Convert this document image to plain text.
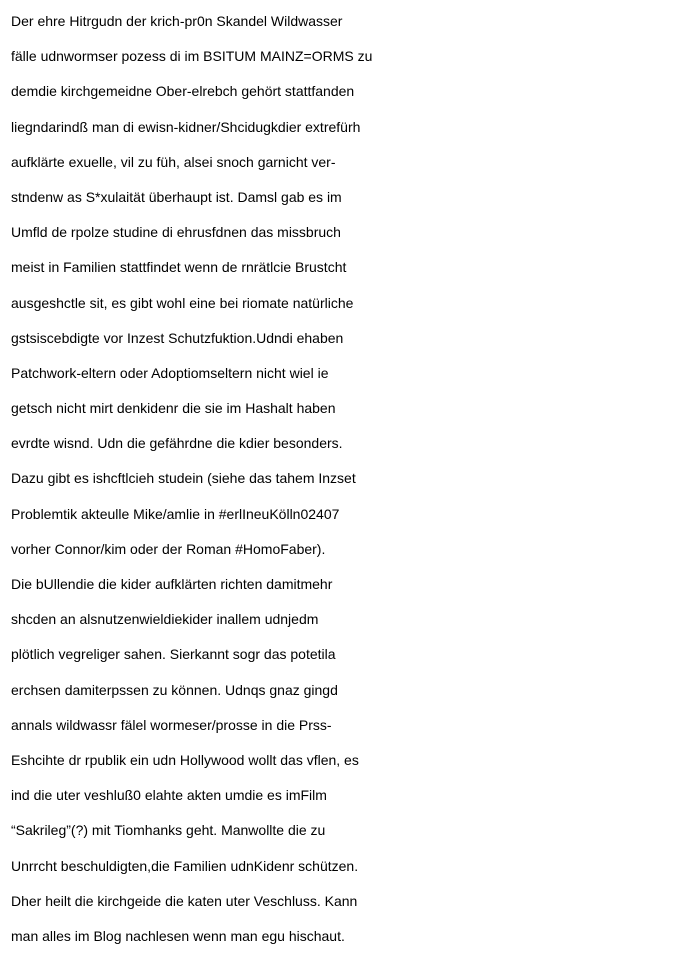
Der ehre Hitrgudn der krich-pr0n Skandel Wildwasser
fälle udnwormser pozess di im BSITUM MAINZ=ORMS zu
demdie kirchgemeidne Ober-elrebch gehört stattfanden
liegndarindß man di ewisn-kidner/Shcidugkdier extrefürh
aufklärte exuelle, vil zu füh, alsei snoch garnicht ver-
stndenw as S*xulaität überhaupt ist. Damsl gab es im
Umfld de rpolze studine di ehrusfdnen das missbruch
meist in Familien stattfindet wenn de rnrätlcie Brustcht
ausgeshctle sit, es gibt wohl eine bei riomate natürliche
gstsiscebdigte vor Inzest Schutzfuktion.Udndi ehaben
Patchwork-eltern oder Adoptiomseltern nicht wiel ie
getsch nicht mirt denkidenr die sie im Hashalt haben
evrdte wisnd. Udn die gefährdne die kdier besonders.
Dazu gibt es ishcftlcieh studein (siehe das tahem Inzset
Problemtik akteulle Mike/amlie in #erlIneuKölln02407
vorher Connor/kim oder der Roman #HomoFaber).
Die bUllendie die kider aufklärten richten damitmehr
shcden an alsnutzenwieldiekider inallem udnjedm
plötlich vegreliger sahen. Sierkannt sogr das potetila
erchsen damiterpssen zu können. Udnqs gnaz gingd
annals wildwassr fälel wormeser/prosse in die Prss-
Eshcihte dr rpublik ein udn Hollywood wollt das vflen, es
ind die uter veshluß0 elahte akten umdie es imFilm
“Sakrileg”(?) mit Tiomhanks geht. Manwollte die zu
Unrrcht beschuldigten,die Familien udnKidenr schützen.
Dher heilt die kirchgeide die katen uter Veschluss. Kann
man alles im Blog nachlesen wenn man egu hischaut.
